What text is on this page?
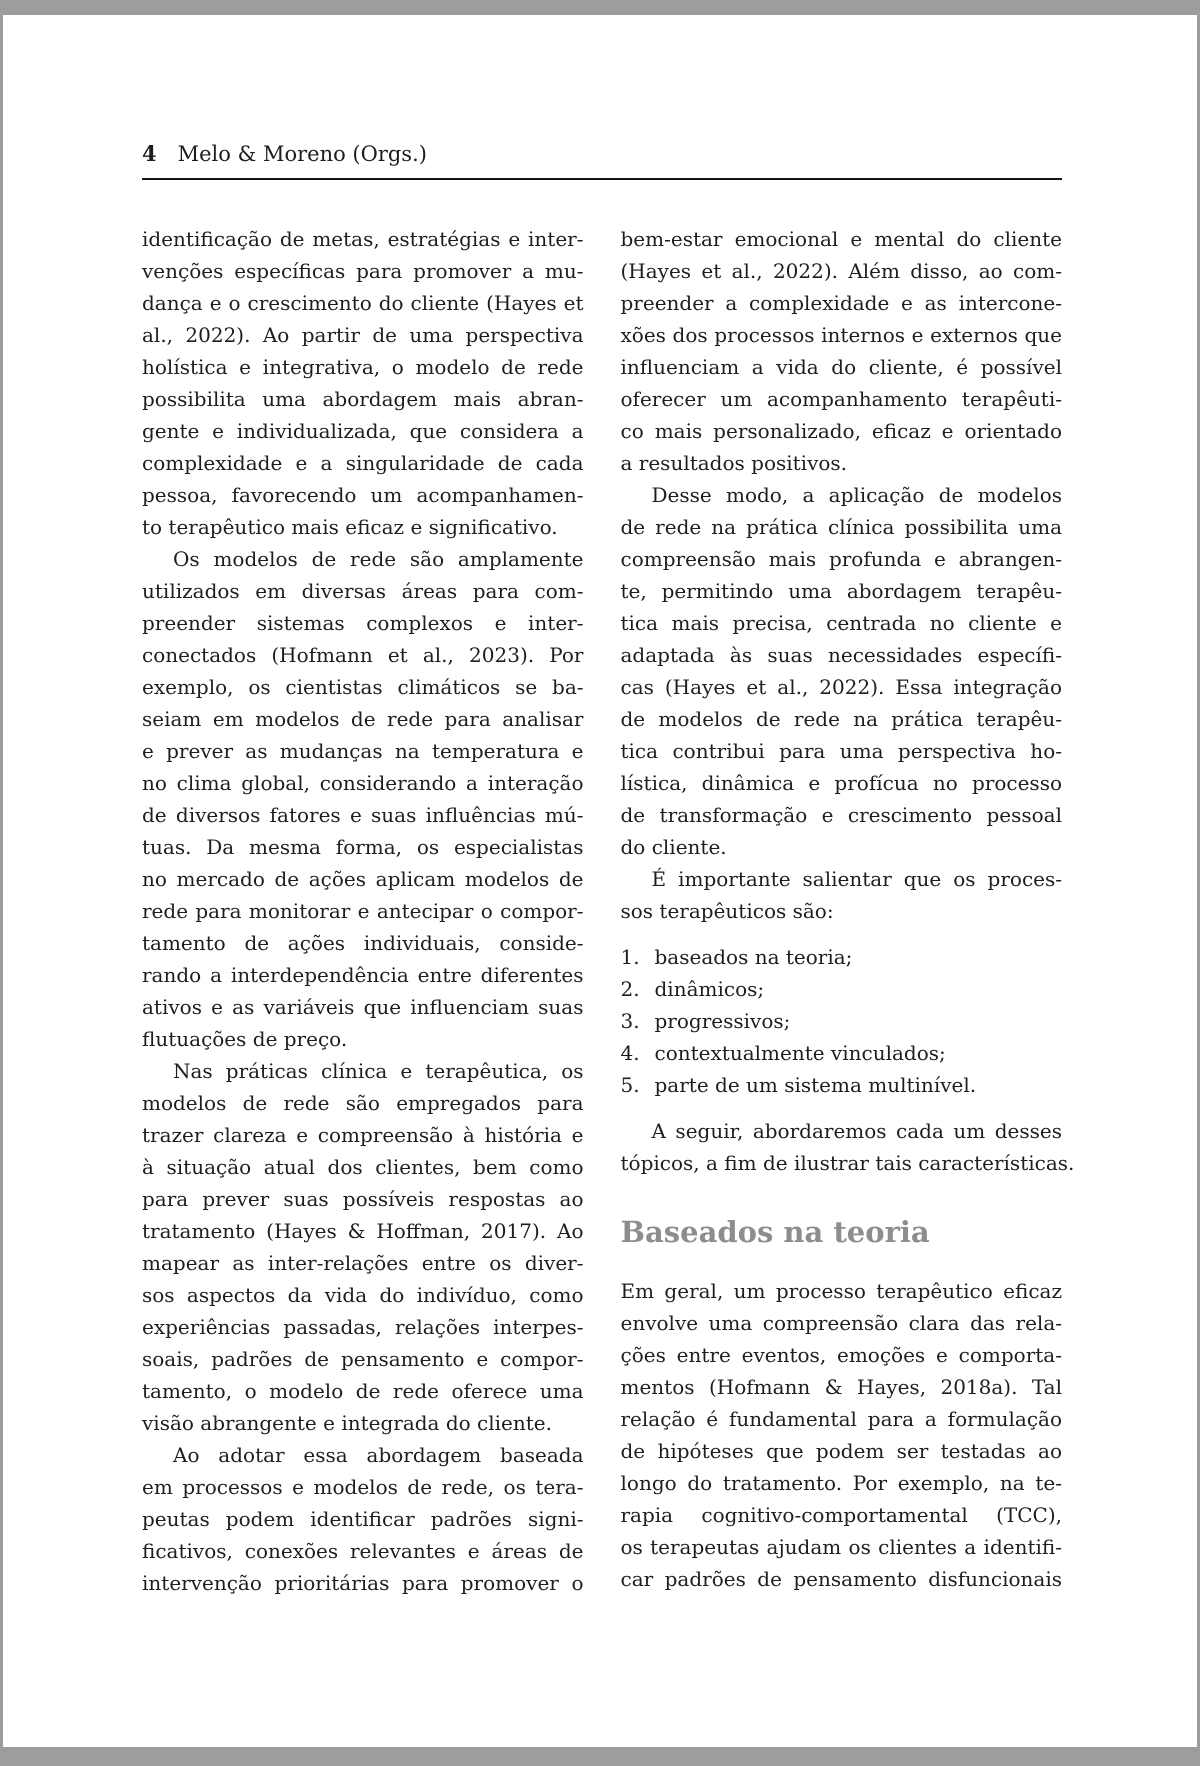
4 Melo & Moreno (Orgs.)
identificação de metas, estratégias e inter-
venções específicas para promover a mu-
dança e o crescimento do cliente (Hayes et
al., 2022). Ao partir de uma perspectiva
holística e integrativa, o modelo de rede
possibilita uma abordagem mais abran-
gente e individualizada, que considera a
complexidade e a singularidade de cada
pessoa, favorecendo um acompanhamen-
to terapêutico mais eficaz e significativo.
Os modelos de rede são amplamente
utilizados em diversas áreas para com-
preender sistemas complexos e inter-
conectados (Hofmann et al., 2023). Por
exemplo, os cientistas climáticos se ba-
seiam em modelos de rede para analisar
e prever as mudanças na temperatura e
no clima global, considerando a interação
de diversos fatores e suas influências mú-
tuas. Da mesma forma, os especialistas
no mercado de ações aplicam modelos de
rede para monitorar e antecipar o compor-
tamento de ações individuais, conside-
rando a interdependência entre diferentes
ativos e as variáveis que influenciam suas
flutuações de preço.
Nas práticas clínica e terapêutica, os
modelos de rede são empregados para
trazer clareza e compreensão à história e
à situação atual dos clientes, bem como
para prever suas possíveis respostas ao
tratamento (Hayes & Hoffman, 2017). Ao
mapear as inter-relações entre os diver-
sos aspectos da vida do indivíduo, como
experiências passadas, relações interpes-
soais, padrões de pensamento e compor-
tamento, o modelo de rede oferece uma
visão abrangente e integrada do cliente.
Ao adotar essa abordagem baseada
em processos e modelos de rede, os tera-
peutas podem identificar padrões signi-
ficativos, conexões relevantes e áreas de
intervenção prioritárias para promover o
bem-estar emocional e mental do cliente
(Hayes et al., 2022). Além disso, ao com-
preender a complexidade e as intercone-
xões dos processos internos e externos que
influenciam a vida do cliente, é possível
oferecer um acompanhamento terapêuti-
co mais personalizado, eficaz e orientado
a resultados positivos.
Desse modo, a aplicação de modelos
de rede na prática clínica possibilita uma
compreensão mais profunda e abrangen-
te, permitindo uma abordagem terapêu-
tica mais precisa, centrada no cliente e
adaptada às suas necessidades específi-
cas (Hayes et al., 2022). Essa integração
de modelos de rede na prática terapêu-
tica contribui para uma perspectiva ho-
lística, dinâmica e profícua no processo
de transformação e crescimento pessoal
do cliente.
É importante salientar que os proces-
sos terapêuticos são:
1. baseados na teoria;
2. dinâmicos;
3. progressivos;
4. contextualmente vinculados;
5. parte de um sistema multinível.
A seguir, abordaremos cada um desses
tópicos, a fim de ilustrar tais características.
Baseados na teoria
Em geral, um processo terapêutico eficaz
envolve uma compreensão clara das rela-
ções entre eventos, emoções e comporta-
mentos (Hofmann & Hayes, 2018a). Tal
relação é fundamental para a formulação
de hipóteses que podem ser testadas ao
longo do tratamento. Por exemplo, na te-
rapia cognitivo-comportamental (TCC),
os terapeutas ajudam os clientes a identifi-
car padrões de pensamento disfuncionais
